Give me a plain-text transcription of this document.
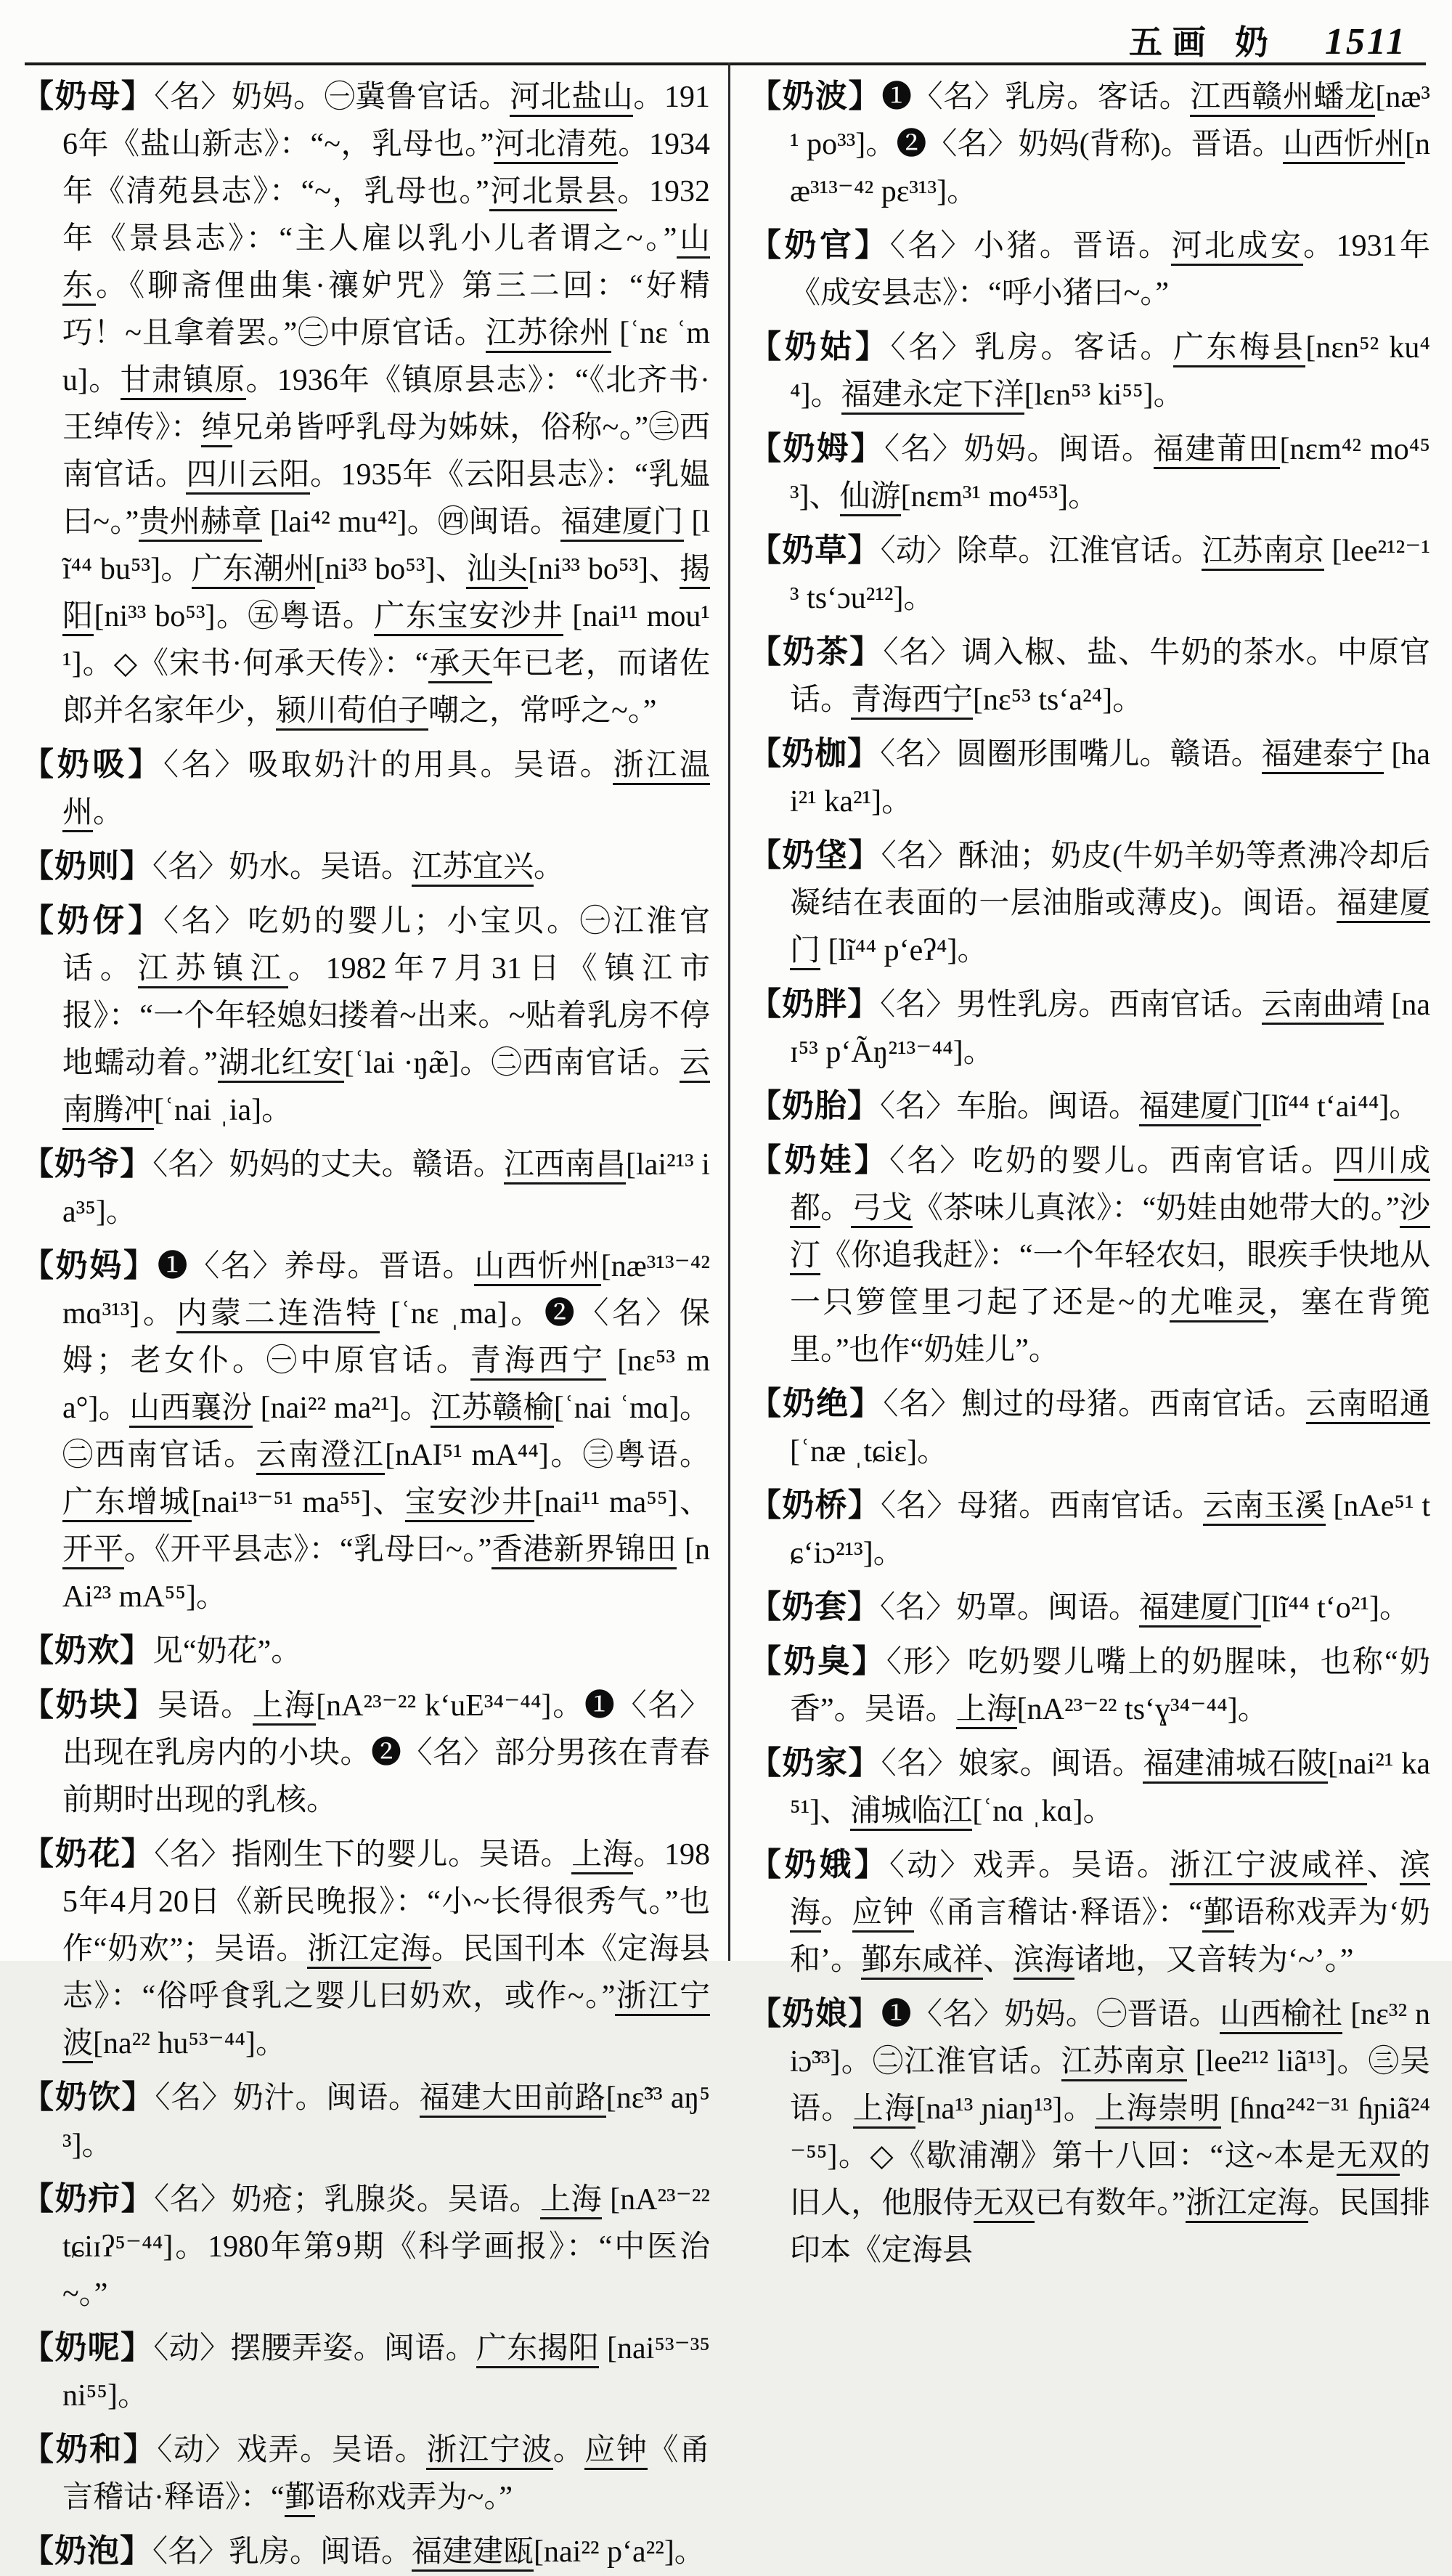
五画 奶 1511

【奶母】〈名〉奶妈。㊀冀鲁官话。河北盐山。1916年《盐山新志》：“~，乳母也。”河北清苑。1934年《清苑县志》：“~，乳母也。”河北景县。1932年《景县志》：“主人雇以乳小儿者谓之~。”山东。《聊斋俚曲集·禳妒咒》第三二回：“好精巧！~且拿着罢。”㊁中原官话。江苏徐州 [ʿnɛ ʿmu]。甘肃镇原。1936年《镇原县志》：“《北齐书·王绰传》：绰兄弟皆呼乳母为姊妹，俗称~。”㊂西南官话。四川云阳。1935年《云阳县志》：“乳媪曰~。”贵州赫章 [lai⁴² mu⁴²]。㊃闽语。福建厦门 [lĩ⁴⁴ bu⁵³]。广东潮州[ni³³ bo⁵³]、汕头[ni³³ bo⁵³]、揭阳[ni³³ bo⁵³]。㊄粤语。广东宝安沙井 [nai¹¹ mou¹¹]。◇《宋书·何承天传》：“承天年已老，而诸佐郎并名家年少，颍川荀伯子嘲之，常呼之~。”

【奶吸】〈名〉吸取奶汁的用具。吴语。浙江温州。

【奶则】〈名〉奶水。吴语。江苏宜兴。

【奶伢】〈名〉吃奶的婴儿；小宝贝。㊀江淮官话。江苏镇江。1982年7月31日《镇江市报》：“一个年轻媳妇搂着~出来。~贴着乳房不停地蠕动着。”湖北红安[ʿlai ·ŋæ̃]。㊁西南官话。云南腾冲[ʿnai ˌia]。

【奶爷】〈名〉奶妈的丈夫。赣语。江西南昌[lai²¹³ ia³⁵]。

【奶妈】❶〈名〉养母。晋语。山西忻州[næ³¹³⁻⁴² mɑ³¹³]。内蒙二连浩特 [ʿnɛ ˌma]。❷〈名〉保姆；老女仆。㊀中原官话。青海西宁 [nɛ⁵³ ma°]。山西襄汾 [nai²² ma²¹]。江苏赣榆[ʿnai ʿmɑ]。㊁西南官话。云南澄江[nAI⁵¹ mA⁴⁴]。㊂粤语。广东增城[nai¹³⁻⁵¹ ma⁵⁵]、宝安沙井[nai¹¹ ma⁵⁵]、开平。《开平县志》：“乳母曰~。”香港新界锦田 [nAi²³ mA⁵⁵]。

【奶欢】见“奶花”。

【奶块】吴语。上海[nA²³⁻²² kʻuE³⁴⁻⁴⁴]。❶〈名〉出现在乳房内的小块。❷〈名〉部分男孩在青春前期时出现的乳核。

【奶花】〈名〉指刚生下的婴儿。吴语。上海。1985年4月20日《新民晚报》：“小~长得很秀气。”也作“奶欢”；吴语。浙江定海。民国刊本《定海县志》：“俗呼食乳之婴儿曰奶欢，或作~。”浙江宁波[na²² hu⁵³⁻⁴⁴]。

【奶饮】〈名〉奶汁。闽语。福建大田前路[nɛ̃³³ aŋ⁵³]。

【奶疖】〈名〉奶疮；乳腺炎。吴语。上海 [nA²³⁻²² tɕiɪʔ⁵⁻⁴⁴]。1980年第9期《科学画报》：“中医治~。”

【奶呢】〈动〉摆腰弄姿。闽语。广东揭阳 [nai⁵³⁻³⁵ ni⁵⁵]。

【奶和】〈动〉戏弄。吴语。浙江宁波。应钟《甬言稽诂·释语》：“鄞语称戏弄为~。”

【奶泡】〈名〉乳房。闽语。福建建瓯[nai²² pʻa²²]。

【奶波】❶〈名〉乳房。客话。江西赣州蟠龙[næ³¹ po³³]。❷〈名〉奶妈(背称)。晋语。山西忻州[næ³¹³⁻⁴² pɛ³¹³]。

【奶官】〈名〉小猪。晋语。河北成安。1931年《成安县志》：“呼小猪曰~。”

【奶姑】〈名〉乳房。客话。广东梅县[nɛn⁵² ku⁴⁴]。福建永定下洋[lɛn⁵³ ki⁵⁵]。

【奶姆】〈名〉奶妈。闽语。福建莆田[nɛm⁴² mo⁴⁵³]、仙游[nɛm³¹ mo⁴⁵³]。

【奶草】〈动〉除草。江淮官话。江苏南京 [lee²¹²⁻¹³ tsʻɔu²¹²]。

【奶茶】〈名〉调入椒、盐、牛奶的茶水。中原官话。青海西宁[nɛ⁵³ tsʻa²⁴]。

【奶枷】〈名〉圆圈形围嘴儿。赣语。福建泰宁 [hai²¹ ka²¹]。

【奶垡】〈名〉酥油；奶皮(牛奶羊奶等煮沸冷却后凝结在表面的一层油脂或薄皮)。闽语。福建厦门 [lĩ⁴⁴ pʻeʔ⁴]。

【奶胖】〈名〉男性乳房。西南官话。云南曲靖 [naɪ⁵³ pʻÃŋ²¹³⁻⁴⁴]。

【奶胎】〈名〉车胎。闽语。福建厦门[lĩ⁴⁴ tʻai⁴⁴]。

【奶娃】〈名〉吃奶的婴儿。西南官话。四川成都。弓戈《茶味儿真浓》：“奶娃由她带大的。”沙汀《你追我赶》：“一个年轻农妇，眼疾手快地从一只箩筐里刁起了还是~的尤唯灵，塞在背篼里。”也作“奶娃儿”。

【奶绝】〈名〉劁过的母猪。西南官话。云南昭通[ʿnæ ˌtɕiɛ]。

【奶桥】〈名〉母猪。西南官话。云南玉溪 [nAe⁵¹ tɕʻiɔ²¹³]。

【奶套】〈名〉奶罩。闽语。福建厦门[lĩ⁴⁴ tʻo²¹]。

【奶臭】〈形〉吃奶婴儿嘴上的奶腥味，也称“奶香”。吴语。上海[nA²³⁻²² tsʻɣ³⁴⁻⁴⁴]。

【奶家】〈名〉娘家。闽语。福建浦城石陂[nai²¹ ka⁵¹]、浦城临江[ʿnɑ ˌkɑ]。

【奶娥】〈动〉戏弄。吴语。浙江宁波咸祥、滨海。应钟《甬言稽诂·释语》：“鄞语称戏弄为‘奶和’。鄞东咸祥、滨海诸地，又音转为‘~’。”

【奶娘】❶〈名〉奶妈。㊀晋语。山西榆社 [nɛ³² niɔ̃³³]。㊁江淮官话。江苏南京 [lee²¹² liã¹³]。㊂吴语。上海[na¹³ ɲiaŋ¹³]。上海崇明 [ɦnɑ²⁴²⁻³¹ ɦɲiã²⁴⁻⁵⁵]。◇《歇浦潮》第十八回：“这~本是无双的旧人，他服侍无双已有数年。”浙江定海。民国排印本《定海县
